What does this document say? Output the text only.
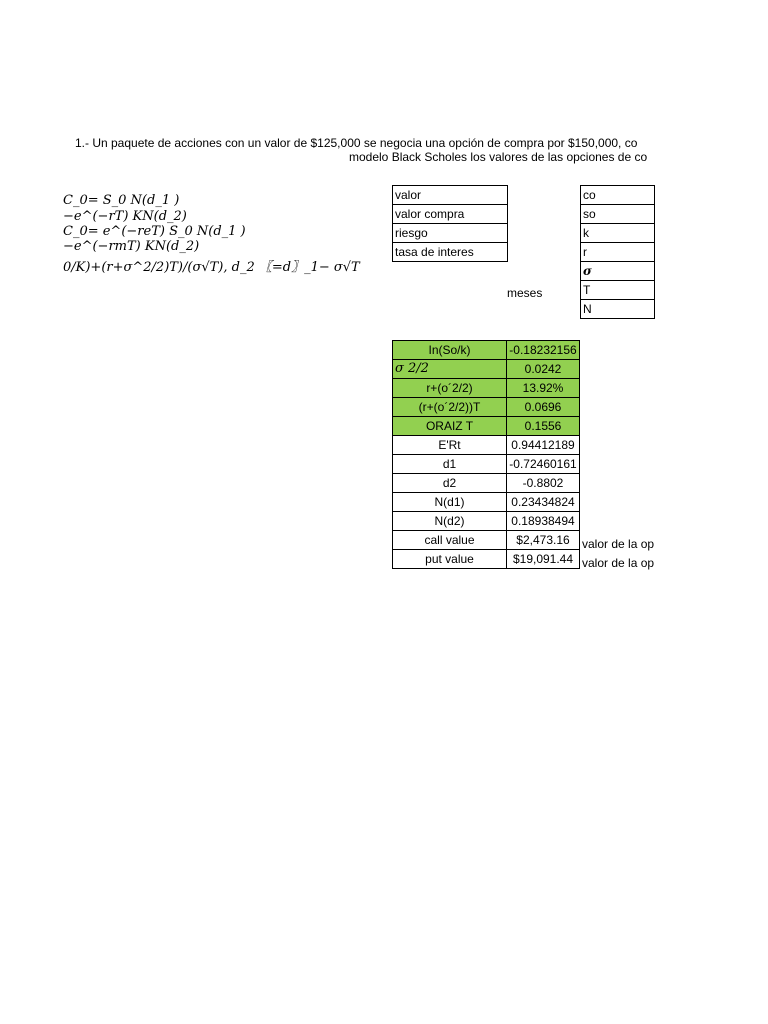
1.- Un paquete de acciones con un valor de $125,000 se negocia una opción de compra por $150,000, co
modelo Black Scholes los valores de las opciones de co
C_0= S_0 N(d_1 )
−e^(−rT) KN(d_2)
C_0= e^(−reT) S_0 N(d_1 )
−e^(−rmT) KN(d_2)
0/K)+(r+σ^2/2)T)/(σ√T), d_2 〖=d〗_1− σ√T
valor
valor compra
riesgo
tasa de interes
meses
co
so
k
r
σ
T
N
In(So/k)	-0.18232156
σ 2/2	0.0242
r+(o´2/2)	13.92%
(r+(o´2/2))T	0.0696
ORAIZ T	0.1556
E'Rt	0.94412189
d1	-0.72460161
d2	-0.8802
N(d1)	0.23434824
N(d2)	0.18938494
call value	$2,473.16
put value	$19,091.44
valor de la op
valor de la op
